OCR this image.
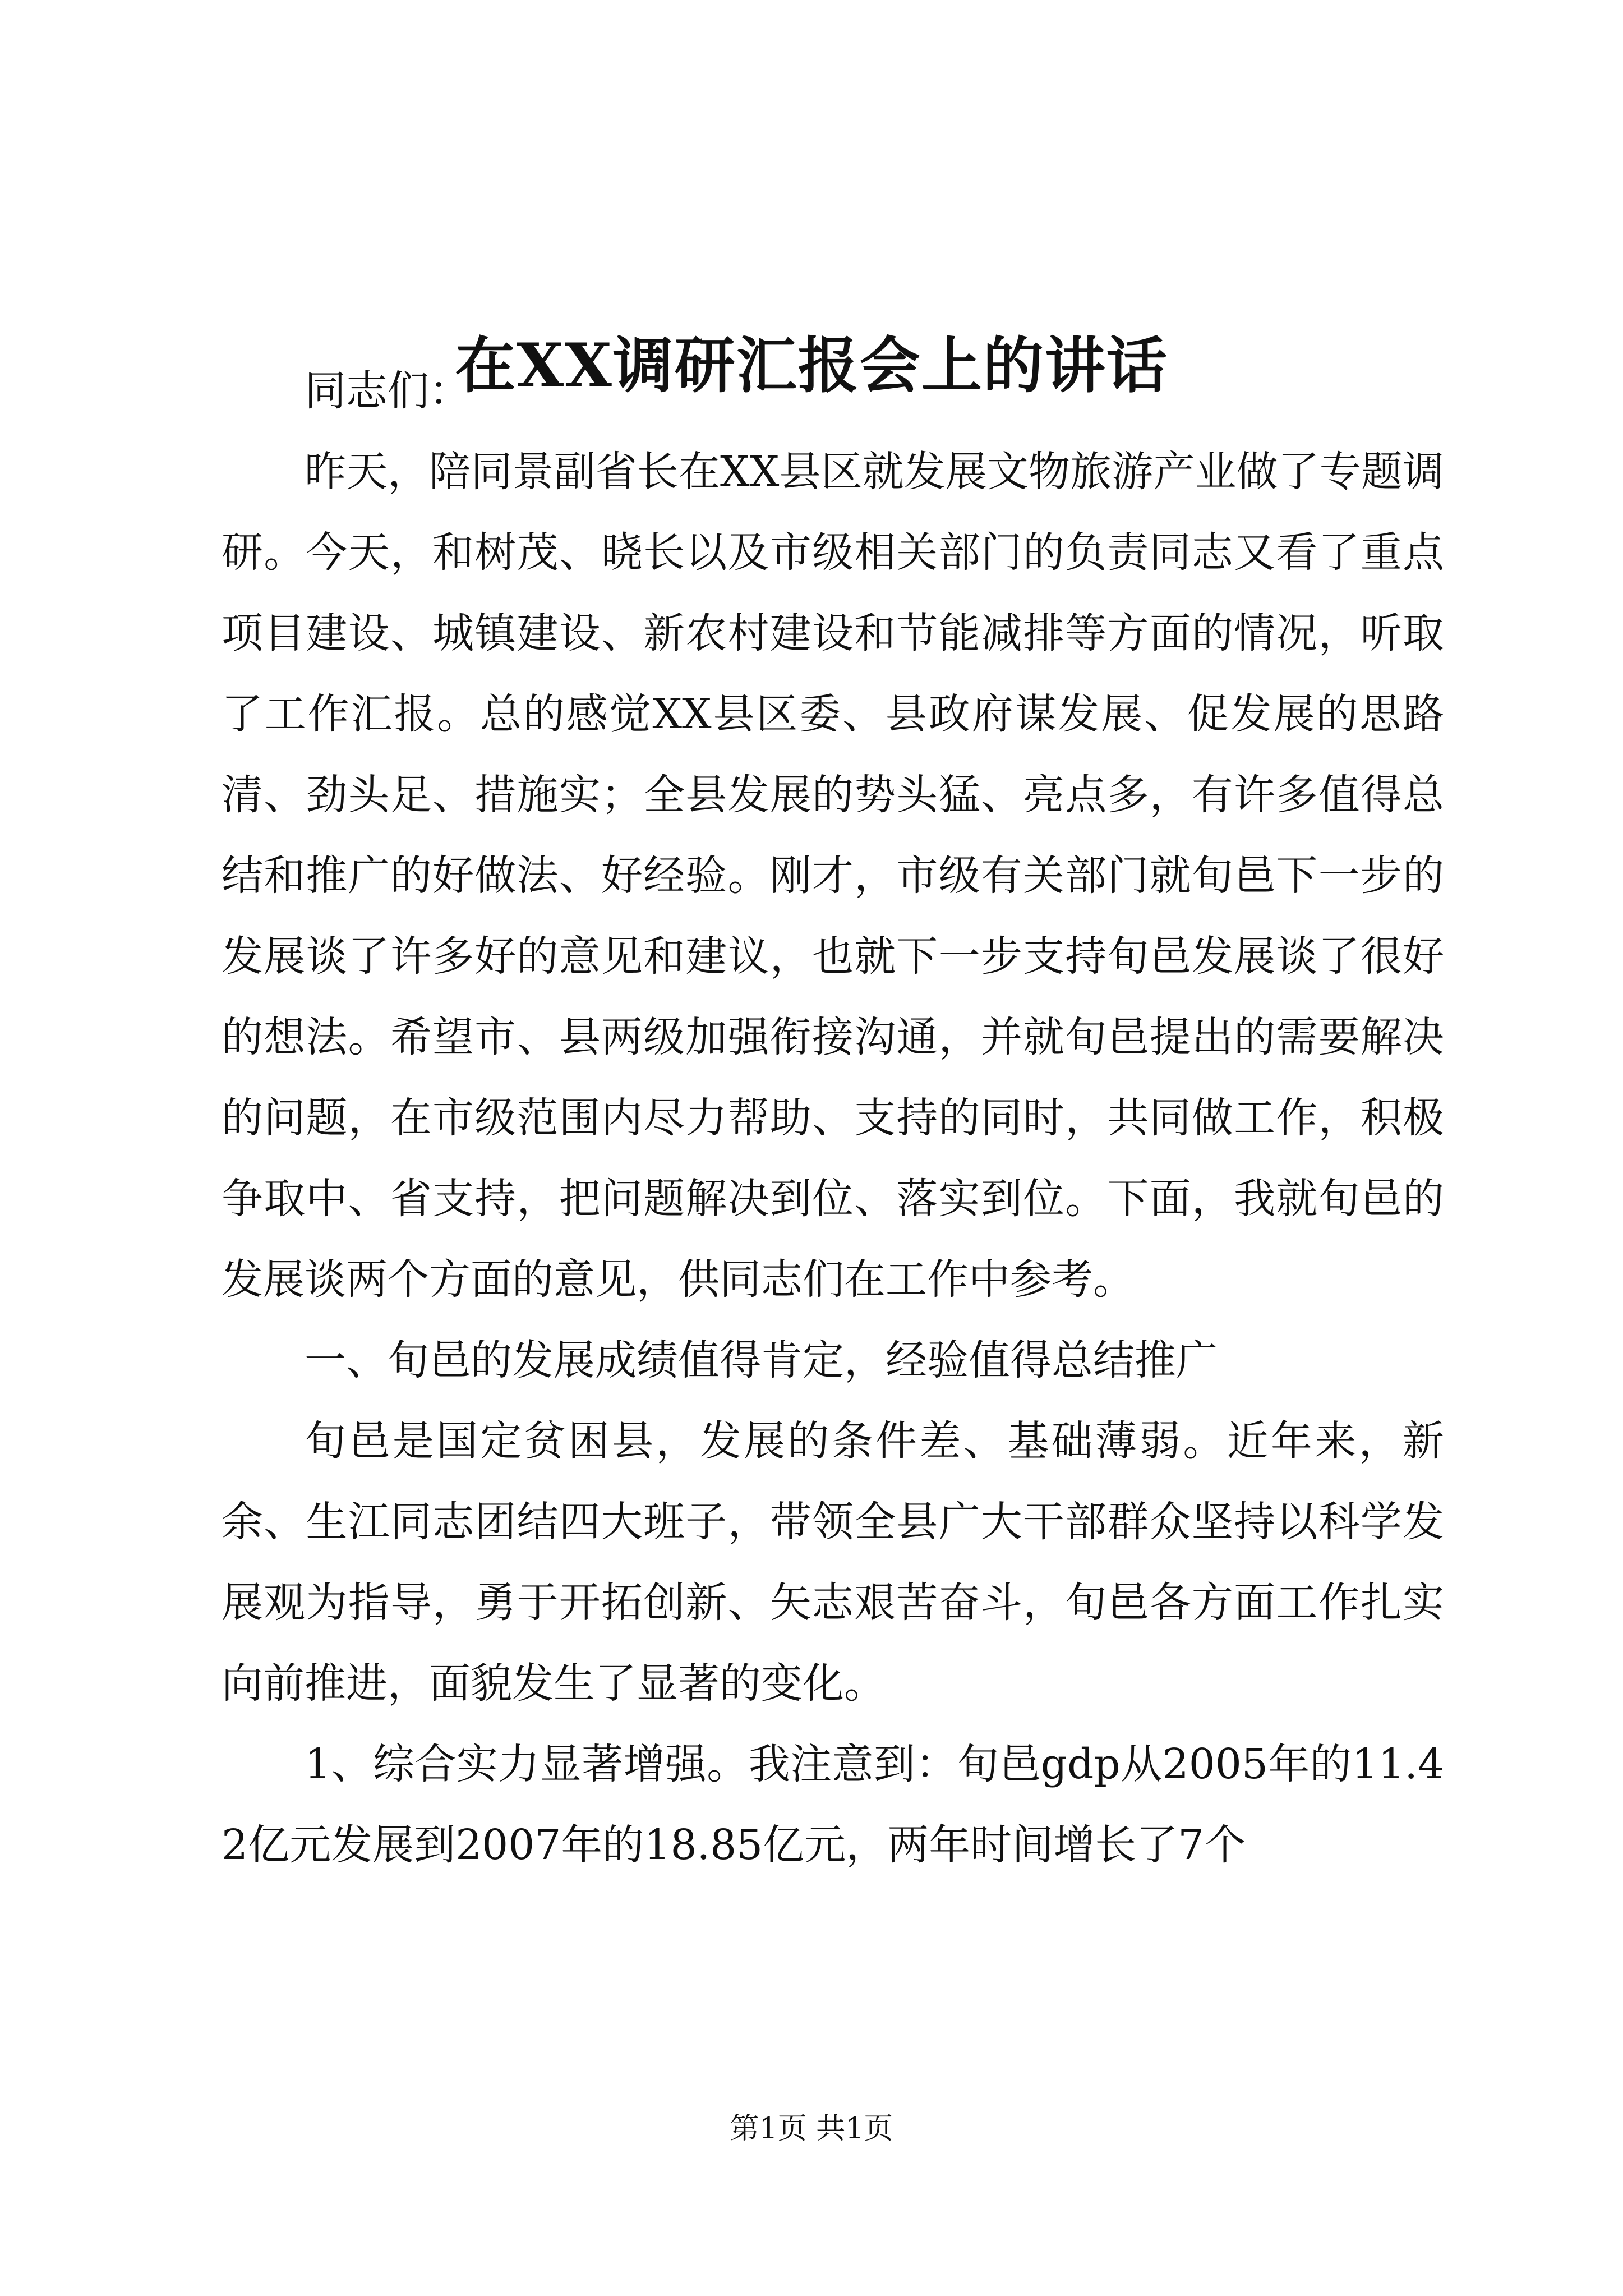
在XX调研汇报会上的讲话

同志们：

昨天，陪同景副省长在XX县区就发展文物旅游产业做了专题调研。今天，和树茂、晓长以及市级相关部门的负责同志又看了重点项目建设、城镇建设、新农村建设和节能减排等方面的情况，听取了工作汇报。总的感觉XX县区委、县政府谋发展、促发展的思路清、劲头足、措施实；全县发展的势头猛、亮点多，有许多值得总结和推广的好做法、好经验。刚才，市级有关部门就旬邑下一步的发展谈了许多好的意见和建议，也就下一步支持旬邑发展谈了很好的想法。希望市、县两级加强衔接沟通，并就旬邑提出的需要解决的问题，在市级范围内尽力帮助、支持的同时，共同做工作，积极争取中、省支持，把问题解决到位、落实到位。下面，我就旬邑的发展谈两个方面的意见，供同志们在工作中参考。

一、旬邑的发展成绩值得肯定，经验值得总结推广

旬邑是国定贫困县，发展的条件差、基础薄弱。近年来，新余、生江同志团结四大班子，带领全县广大干部群众坚持以科学发展观为指导，勇于开拓创新、矢志艰苦奋斗，旬邑各方面工作扎实向前推进，面貌发生了显著的变化。

1、综合实力显著增强。我注意到：旬邑gdp从2005年的11.42亿元发展到2007年的18.85亿元，两年时间增长了7个

第1页 共1页
